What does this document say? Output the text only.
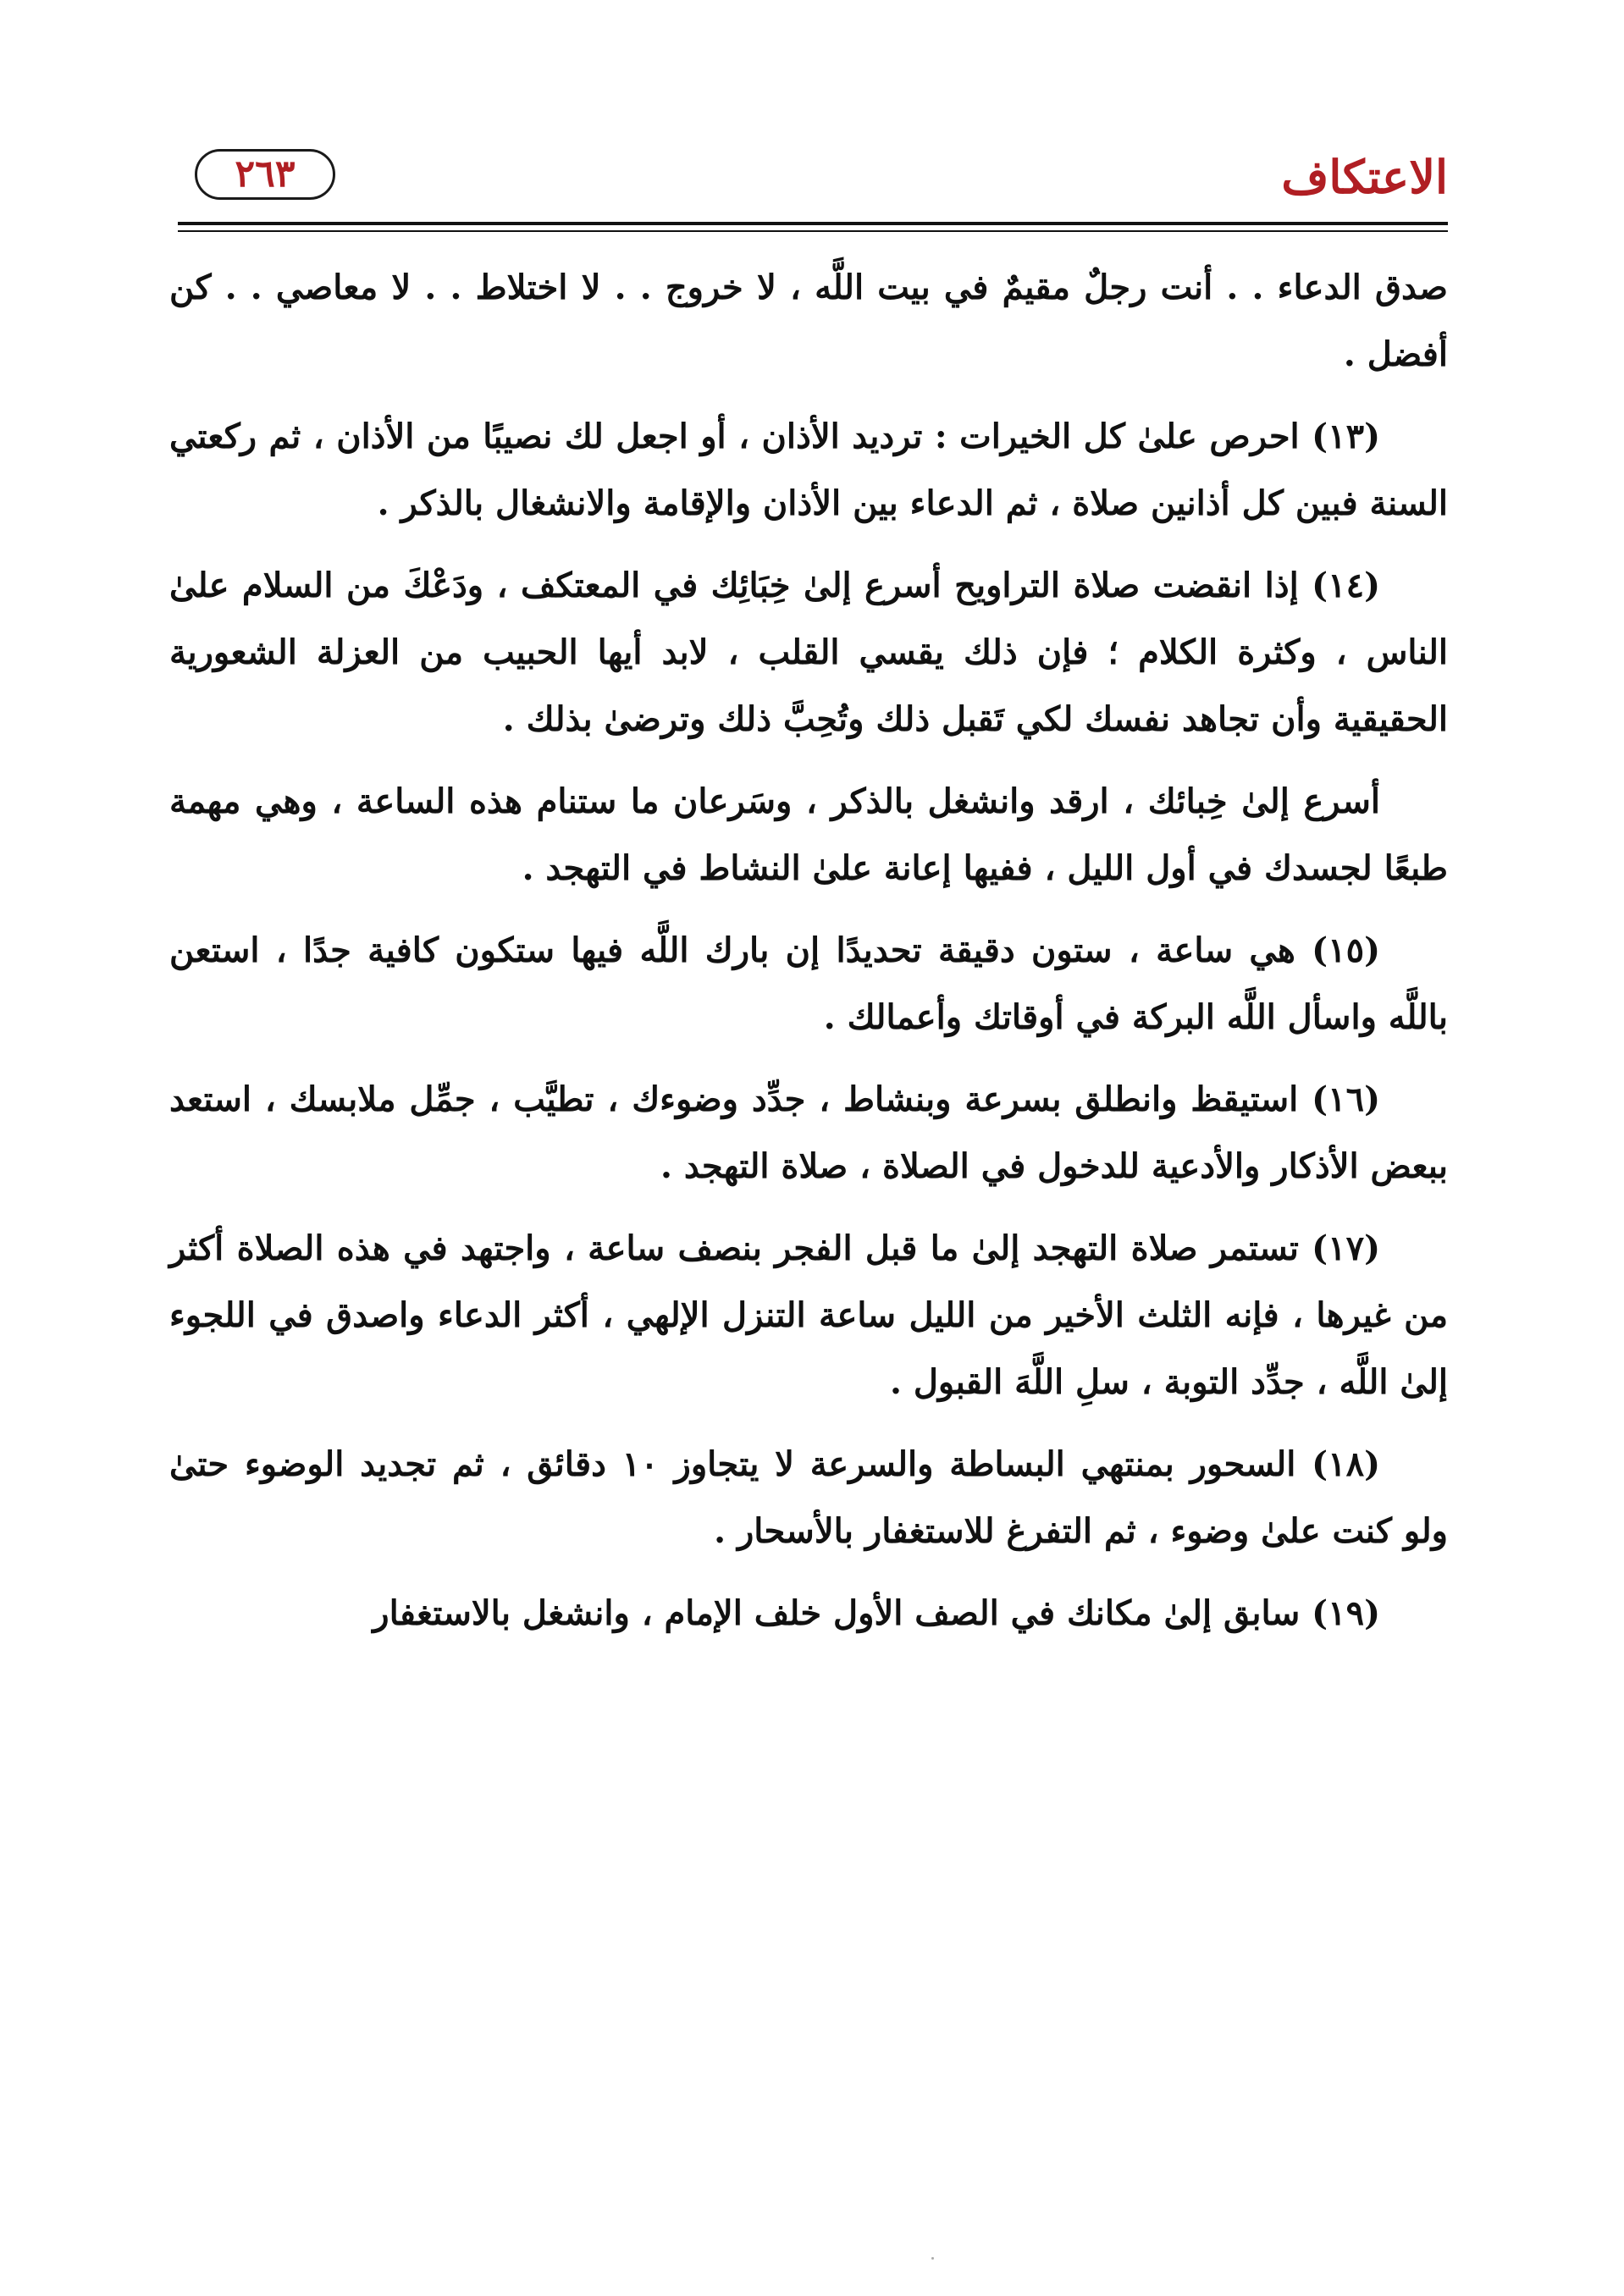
الاعتكاف
٢٦٣

صدق الدعاء . . أنت رجلٌ مقيمٌ في بيت اللَّه ، لا خروج . . لا اختلاط . . لا معاصي . . كن أفضل .

(١٣) احرص علىٰ كل الخيرات : ترديد الأذان ، أو اجعل لك نصيبًا من الأذان ، ثم ركعتي السنة فبين كل أذانين صلاة ، ثم الدعاء بين الأذان والإقامة والانشغال بالذكر .

(١٤) إذا انقضت صلاة التراويح أسرع إلىٰ خِبَائِك في المعتكف ، ودَعْكَ من السلام علىٰ الناس ، وكثرة الكلام ؛ فإن ذلك يقسي القلب ، لابد أيها الحبيب من العزلة الشعورية الحقيقية وأن تجاهد نفسك لكي تَقبل ذلك وتُحِبَّ ذلك وترضىٰ بذلك .

أسرع إلىٰ خِبائك ، ارقد وانشغل بالذكر ، وسَرعان ما ستنام هذه الساعة ، وهي مهمة طبعًا لجسدك في أول الليل ، ففيها إعانة علىٰ النشاط في التهجد .

(١٥) هي ساعة ، ستون دقيقة تحديدًا إن بارك اللَّه فيها ستكون كافية جدًا ، استعن باللَّه واسأل اللَّه البركة في أوقاتك وأعمالك .

(١٦) استيقظ وانطلق بسرعة وبنشاط ، جدِّد وضوءك ، تطيَّب ، جمِّل ملابسك ، استعد ببعض الأذكار والأدعية للدخول في الصلاة ، صلاة التهجد .

(١٧) تستمر صلاة التهجد إلىٰ ما قبل الفجر بنصف ساعة ، واجتهد في هذه الصلاة أكثر من غيرها ، فإنه الثلث الأخير من الليل ساعة التنزل الإلهي ، أكثر الدعاء واصدق في اللجوء إلىٰ اللَّه ، جدِّد التوبة ، سلِ اللَّهَ القبول .

(١٨) السحور بمنتهي البساطة والسرعة لا يتجاوز ١٠ دقائق ، ثم تجديد الوضوء حتىٰ ولو كنت علىٰ وضوء ، ثم التفرغ للاستغفار بالأسحار .

(١٩) سابق إلىٰ مكانك في الصف الأول خلف الإمام ، وانشغل بالاستغفار
